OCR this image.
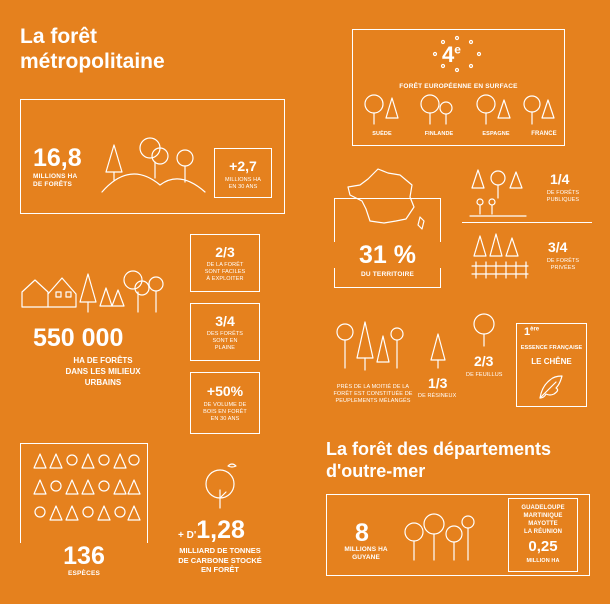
La forêt
métropolitaine
16,8
MILLIONS HA
DE FORÊTS
+2,7
MILLIONS HA
EN 30 ANS
550 000
HA DE FORÊTS
DANS LES MILIEUX
URBAINS
2/3
DE LA FORÊT
SONT FACILES
À EXPLOITER
3/4
DES FORÊTS
SONT EN
PLAINE
+50%
DE VOLUME DE
BOIS EN FORÊT
EN 30 ANS
136
ESPÈCES
+ D'1,28
MILLIARD DE TONNES
DE CARBONE STOCKÉ
EN FORÊT
4e
FORÊT EUROPÉENNE EN SURFACE
SUÈDE	FINLANDE	ESPAGNE	FRANCE
31 %
DU TERRITOIRE
1/4
DE FORÊTS
PUBLIQUES
3/4
DE FORÊTS
PRIVÉES
PRÈS DE LA MOITIÉ DE LA
FORÊT EST CONSTITUÉE DE
PEUPLEMENTS MÉLANGÉS
1/3
DE RÉSINEUX
2/3
DE FEUILLUS
1ère
ESSENCE FRANÇAISE
LE CHÊNE
La forêt des départements
d'outre-mer
8
MILLIONS HA
GUYANE
GUADELOUPE
MARTINIQUE
MAYOTTE
LA RÉUNION
0,25
MILLION HA
